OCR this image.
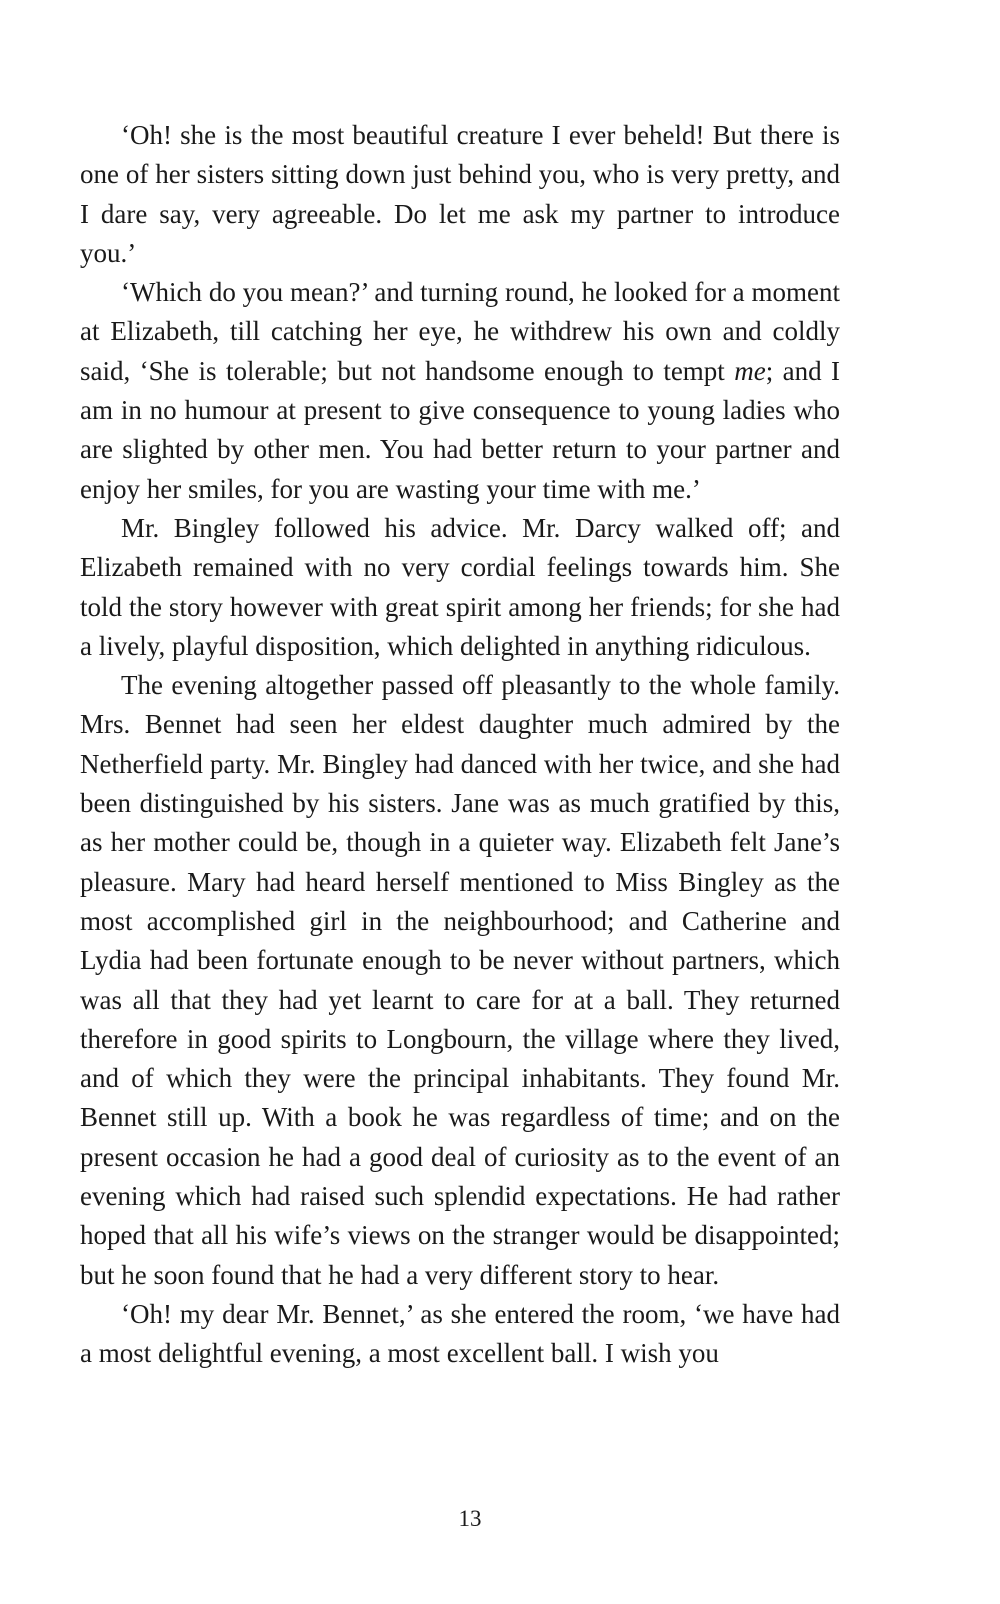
‘Oh! she is the most beautiful creature I ever beheld! But there is one of her sisters sitting down just behind you, who is very pretty, and I dare say, very agreeable. Do let me ask my partner to introduce you.’

‘Which do you mean?’ and turning round, he looked for a moment at Elizabeth, till catching her eye, he withdrew his own and coldly said, ‘She is tolerable; but not handsome enough to tempt me; and I am in no humour at present to give consequence to young ladies who are slighted by other men. You had better return to your partner and enjoy her smiles, for you are wasting your time with me.’

Mr. Bingley followed his advice. Mr. Darcy walked off; and Elizabeth remained with no very cordial feelings towards him. She told the story however with great spirit among her friends; for she had a lively, playful disposition, which delighted in anything ridiculous.

The evening altogether passed off pleasantly to the whole family. Mrs. Bennet had seen her eldest daughter much admired by the Netherfield party. Mr. Bingley had danced with her twice, and she had been distinguished by his sisters. Jane was as much gratified by this, as her mother could be, though in a quieter way. Elizabeth felt Jane’s pleasure. Mary had heard herself mentioned to Miss Bingley as the most accomplished girl in the neighbourhood; and Catherine and Lydia had been fortunate enough to be never without partners, which was all that they had yet learnt to care for at a ball. They returned therefore in good spirits to Longbourn, the village where they lived, and of which they were the principal inhabitants. They found Mr. Bennet still up. With a book he was regardless of time; and on the present occasion he had a good deal of curiosity as to the event of an evening which had raised such splendid expectations. He had rather hoped that all his wife’s views on the stranger would be disappointed; but he soon found that he had a very different story to hear.

‘Oh! my dear Mr. Bennet,’ as she entered the room, ‘we have had a most delightful evening, a most excellent ball. I wish you

13
